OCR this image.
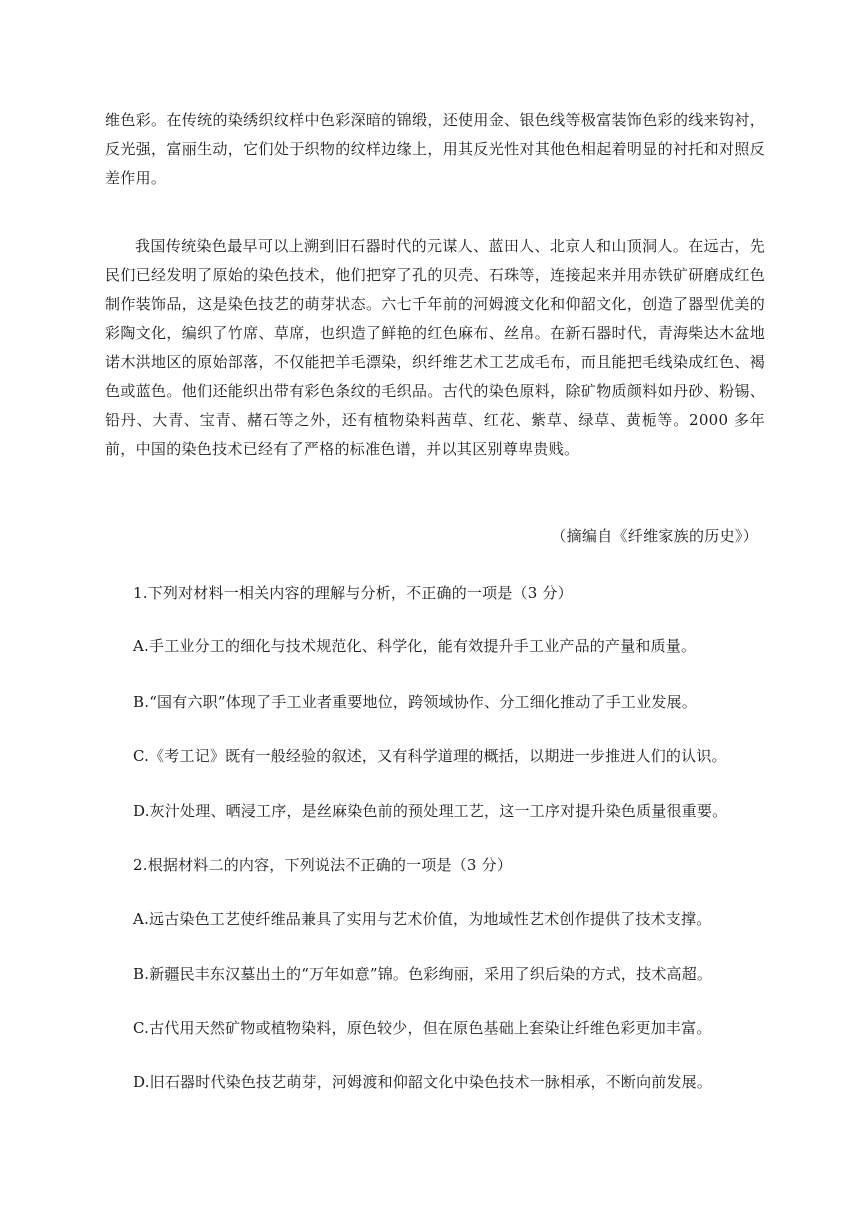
维色彩。在传统的染绣织纹样中色彩深暗的锦缎，还使用金、银色线等极富装饰色彩的线来钩衬，反光强，富丽生动，它们处于织物的纹样边缘上，用其反光性对其他色相起着明显的衬托和对照反差作用。

我国传统染色最早可以上溯到旧石器时代的元谋人、蓝田人、北京人和山顶洞人。在远古，先民们已经发明了原始的染色技术，他们把穿了孔的贝壳、石珠等，连接起来并用赤铁矿研磨成红色制作装饰品，这是染色技艺的萌芽状态。六七千年前的河姆渡文化和仰韶文化，创造了器型优美的彩陶文化，编织了竹席、草席，也织造了鲜艳的红色麻布、丝帛。在新石器时代，青海柴达木盆地诺木洪地区的原始部落，不仅能把羊毛漂染，织纤维艺术工艺成毛布，而且能把毛线染成红色、褐色或蓝色。他们还能织出带有彩色条纹的毛织品。古代的染色原料，除矿物质颜料如丹砂、粉锡、铅丹、大青、宝青、赭石等之外，还有植物染料茜草、红花、紫草、绿草、黄栀等。2000 多年前，中国的染色技术已经有了严格的标准色谱，并以其区别尊卑贵贱。

（摘编自《纤维家族的历史》）
1.下列对材料一相关内容的理解与分析，不正确的一项是（3 分）
A.手工业分工的细化与技术规范化、科学化，能有效提升手工业产品的产量和质量。
B.“国有六职”体现了手工业者重要地位，跨领域协作、分工细化推动了手工业发展。
C.《考工记》既有一般经验的叙述，又有科学道理的概括，以期进一步推进人们的认识。
D.灰汁处理、晒浸工序，是丝麻染色前的预处理工艺，这一工序对提升染色质量很重要。
2.根据材料二的内容，下列说法不正确的一项是（3 分）
A.远古染色工艺使纤维品兼具了实用与艺术价值，为地域性艺术创作提供了技术支撑。
B.新疆民丰东汉墓出土的“万年如意”锦。色彩绚丽，采用了织后染的方式，技术高超。
C.古代用天然矿物或植物染料，原色较少，但在原色基础上套染让纤维色彩更加丰富。
D.旧石器时代染色技艺萌芽，河姆渡和仰韶文化中染色技术一脉相承，不断向前发展。
